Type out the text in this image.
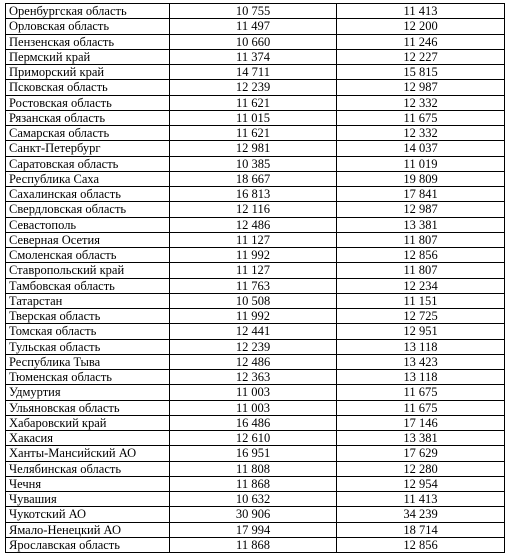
Оренбургская область	10 755	11 413
Орловская область	11 497	12 200
Пензенская область	10 660	11 246
Пермский край	11 374	12 227
Приморский край	14 711	15 815
Псковская область	12 239	12 987
Ростовская область	11 621	12 332
Рязанская область	11 015	11 675
Самарская область	11 621	12 332
Санкт-Петербург	12 981	14 037
Саратовская область	10 385	11 019
Республика Саха	18 667	19 809
Сахалинская область	16 813	17 841
Свердловская область	12 116	12 987
Севастополь	12 486	13 381
Северная Осетия	11 127	11 807
Смоленская область	11 992	12 856
Ставропольский край	11 127	11 807
Тамбовская область	11 763	12 234
Татарстан	10 508	11 151
Тверская область	11 992	12 725
Томская область	12 441	12 951
Тульская область	12 239	13 118
Республика Тыва	12 486	13 423
Тюменская область	12 363	13 118
Удмуртия	11 003	11 675
Ульяновская область	11 003	11 675
Хабаровский край	16 486	17 146
Хакасия	12 610	13 381
Ханты-Мансийский АО	16 951	17 629
Челябинская область	11 808	12 280
Чечня	11 868	12 954
Чувашия	10 632	11 413
Чукотский АО	30 906	34 239
Ямало-Ненецкий АО	17 994	18 714
Ярославская область	11 868	12 856
